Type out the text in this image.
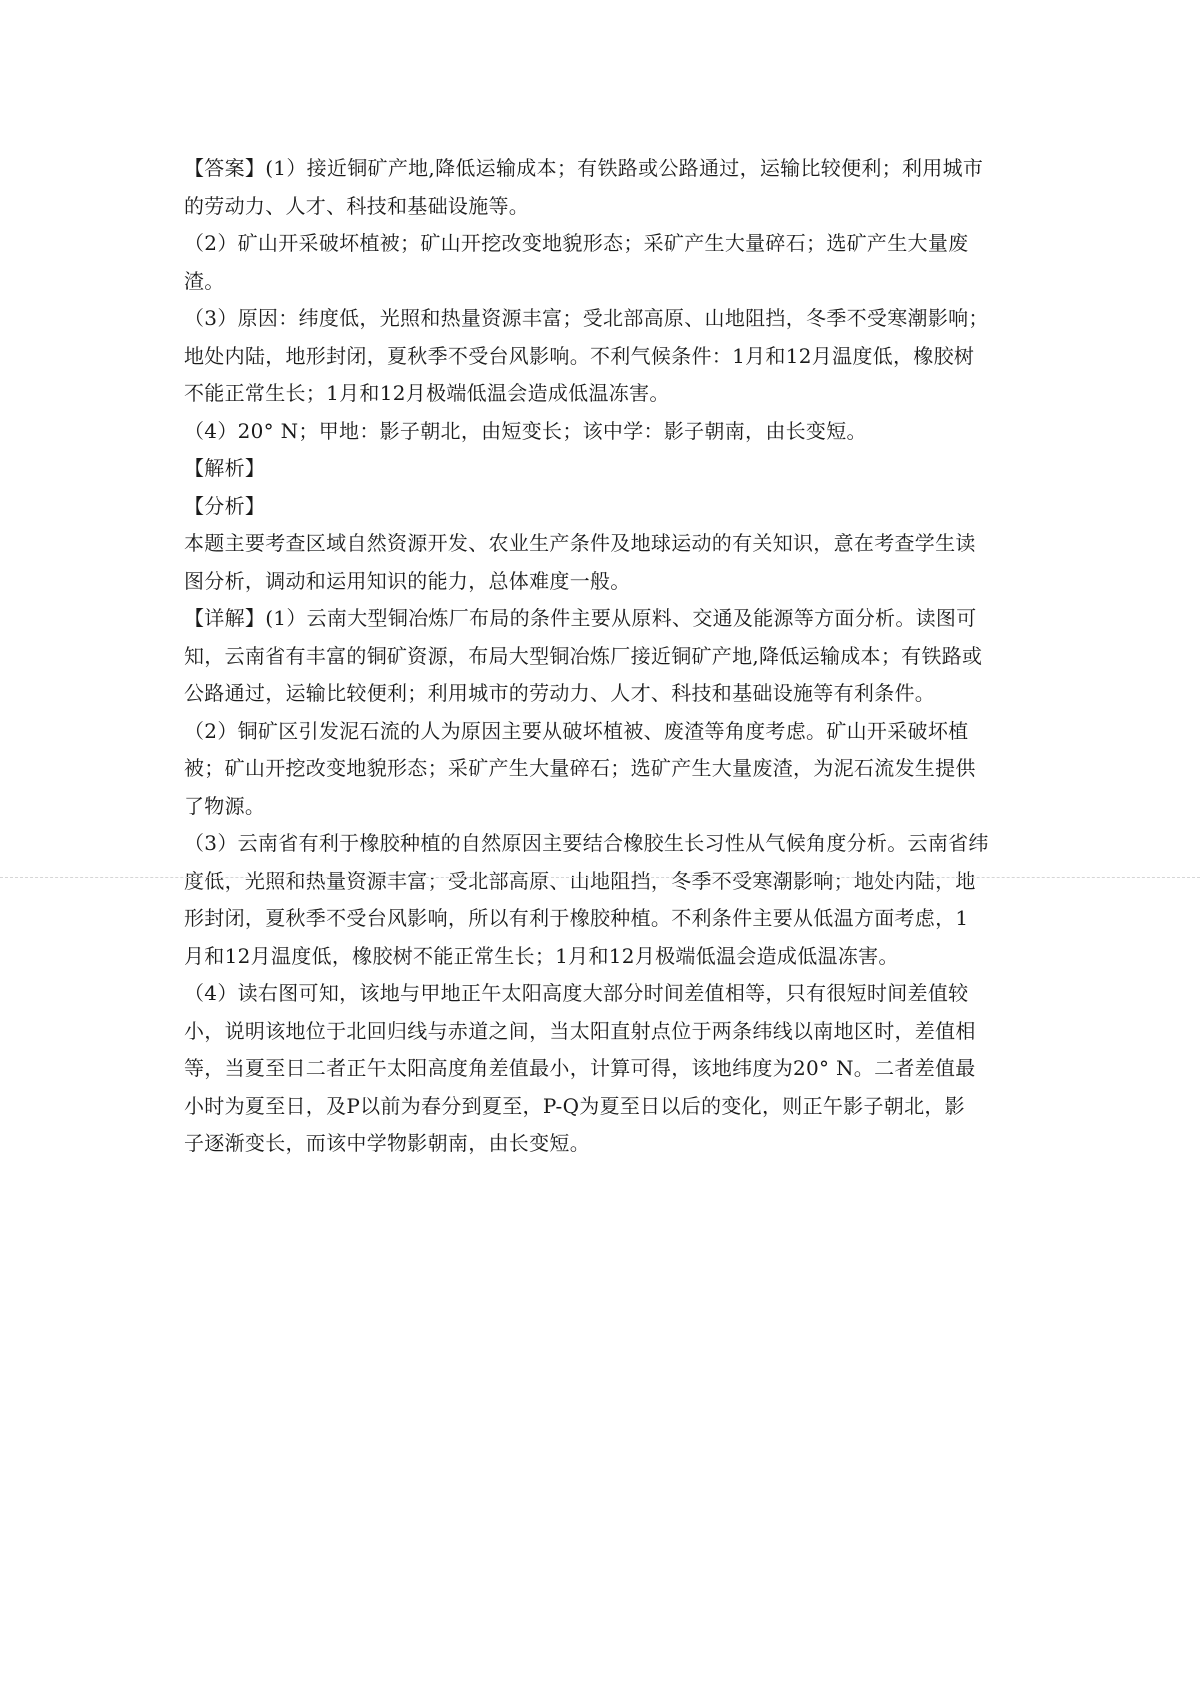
【答案】(1）接近铜矿产地,降低运输成本；有铁路或公路通过，运输比较便利；利用城市
的劳动力、人才、科技和基础设施等。

（2）矿山开采破坏植被；矿山开挖改变地貌形态；采矿产生大量碎石；选矿产生大量废
渣。

（3）原因：纬度低，光照和热量资源丰富；受北部高原、山地阻挡，冬季不受寒潮影响；
地处内陆，地形封闭，夏秋季不受台风影响。不利气候条件：1月和12月温度低，橡胶树
不能正常生长；1月和12月极端低温会造成低温冻害。

（4）20° N；甲地：影子朝北，由短变长；该中学：影子朝南，由长变短。

【解析】

【分析】

本题主要考查区域自然资源开发、农业生产条件及地球运动的有关知识，意在考查学生读
图分析，调动和运用知识的能力，总体难度一般。

【详解】(1）云南大型铜冶炼厂布局的条件主要从原料、交通及能源等方面分析。读图可
知，云南省有丰富的铜矿资源，布局大型铜冶炼厂接近铜矿产地,降低运输成本；有铁路或
公路通过，运输比较便利；利用城市的劳动力、人才、科技和基础设施等有利条件。

（2）铜矿区引发泥石流的人为原因主要从破坏植被、废渣等角度考虑。矿山开采破坏植
被；矿山开挖改变地貌形态；采矿产生大量碎石；选矿产生大量废渣，为泥石流发生提供
了物源。

（3）云南省有利于橡胶种植的自然原因主要结合橡胶生长习性从气候角度分析。云南省纬
度低，光照和热量资源丰富；受北部高原、山地阻挡，冬季不受寒潮影响；地处内陆，地
形封闭，夏秋季不受台风影响，所以有利于橡胶种植。不利条件主要从低温方面考虑，1
月和12月温度低，橡胶树不能正常生长；1月和12月极端低温会造成低温冻害。

（4）读右图可知，该地与甲地正午太阳高度大部分时间差值相等，只有很短时间差值较
小，说明该地位于北回归线与赤道之间，当太阳直射点位于两条纬线以南地区时，差值相
等，当夏至日二者正午太阳高度角差值最小，计算可得，该地纬度为20° N。二者差值最
小时为夏至日，及P以前为春分到夏至，P-Q为夏至日以后的变化，则正午影子朝北，影
子逐渐变长，而该中学物影朝南，由长变短。
